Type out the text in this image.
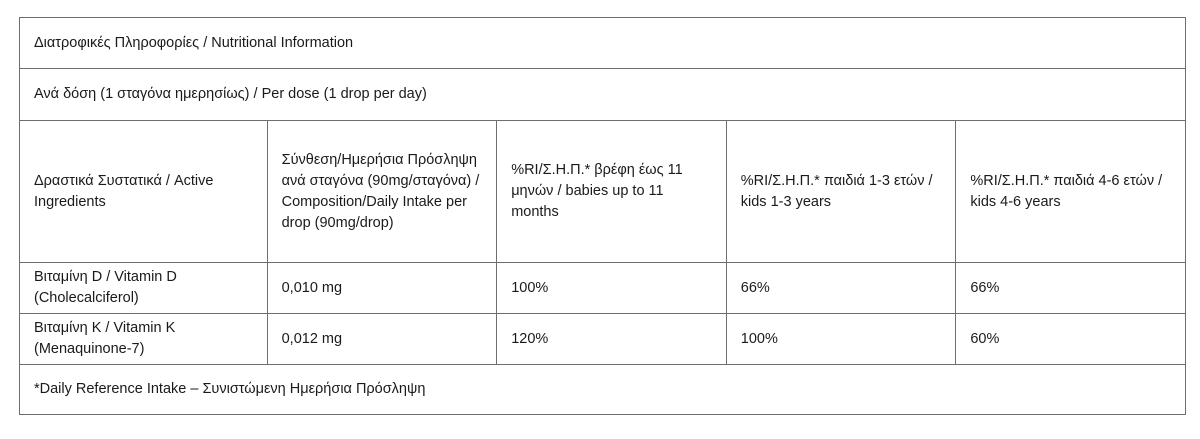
Διατροφικές Πληροφορίες / Nutritional Information				
Ανά δόση (1 σταγόνα ημερησίως) / Per dose (1 drop per day)				
Δραστικά Συστατικά / Active Ingredients	Σύνθεση/Ημερήσια Πρόσληψη ανά σταγόνα (90mg/σταγόνα) / Composition/Daily Intake per drop (90mg/drop)	%RI/Σ.Η.Π.* βρέφη έως 11 μηνών / babies up to 11 months	%RI/Σ.Η.Π.* παιδιά 1-3 ετών / kids 1-3 years	%RI/Σ.Η.Π.* παιδιά 4-6 ετών / kids 4-6 years
Βιταμίνη D / Vitamin D (Cholecalciferol)	0,010 mg	100%	66%	66%
Βιταμίνη K / Vitamin K (Menaquinone-7)	0,012 mg	120%	100%	60%
*Daily Reference Intake – Συνιστώμενη Ημερήσια Πρόσληψη				
